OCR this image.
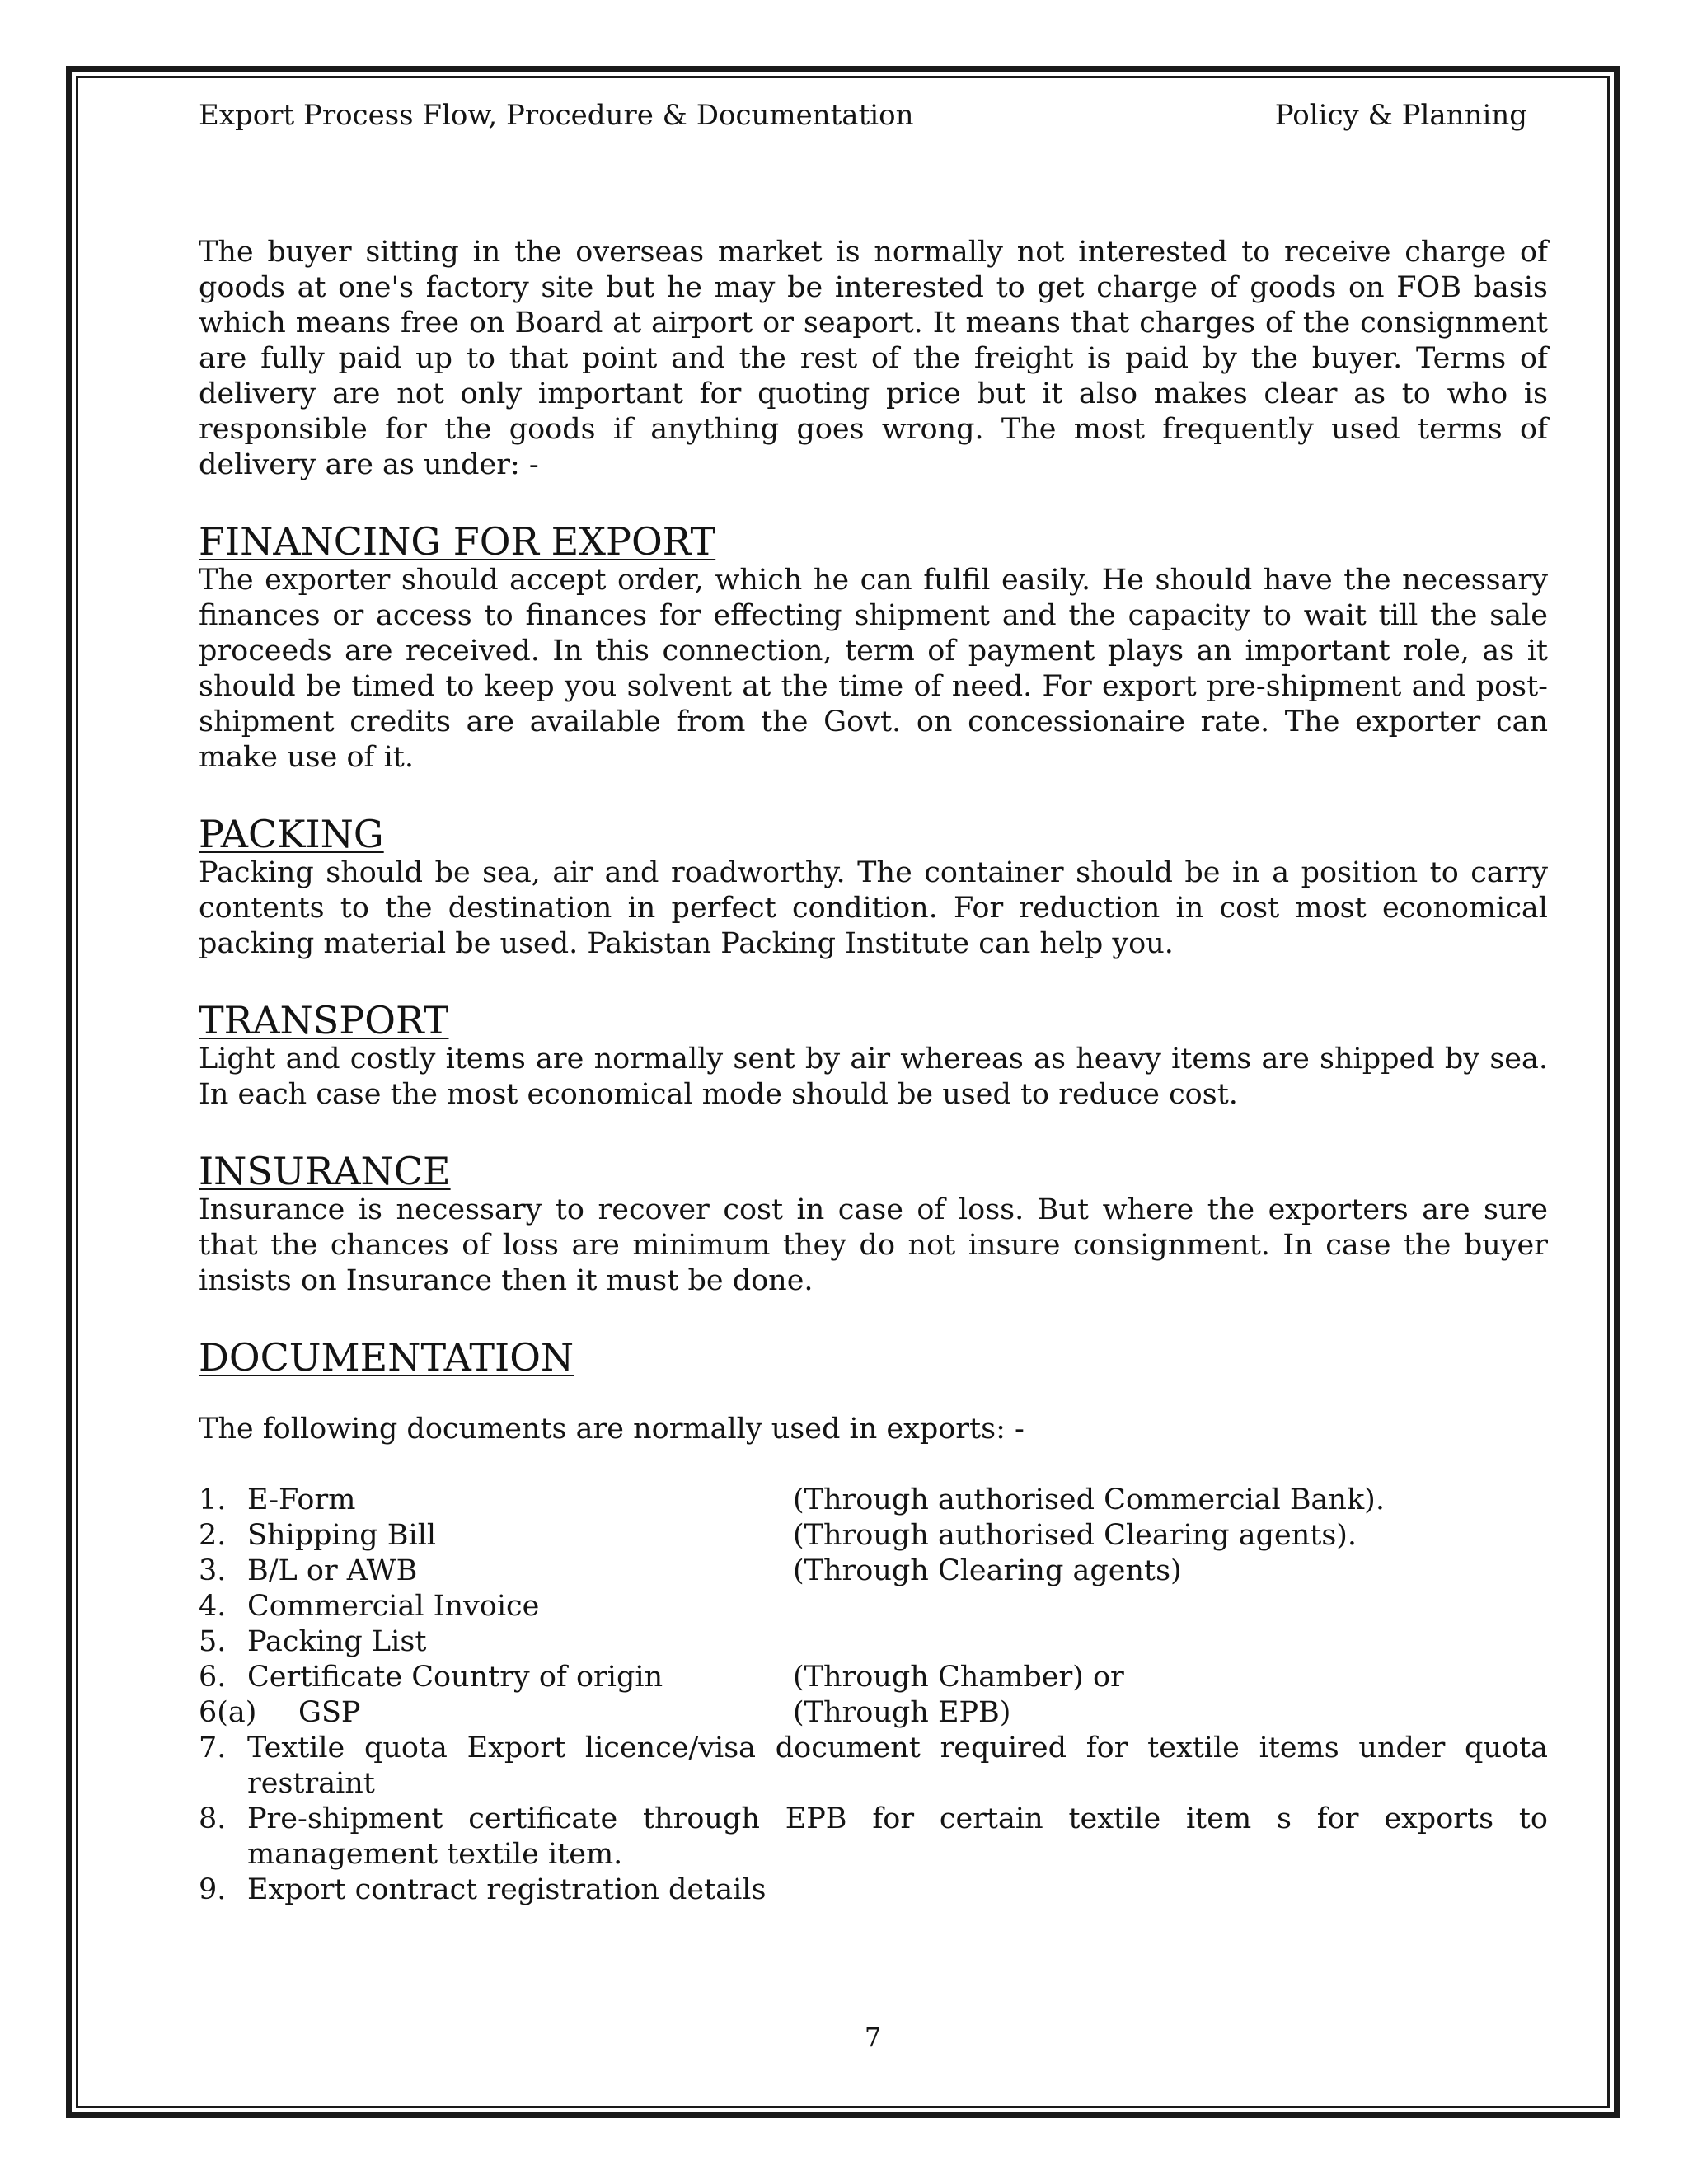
Export Process Flow, Procedure & Documentation	Policy & Planning

The buyer sitting in the overseas market is normally not interested to receive charge of goods at one's factory site but he may be interested to get charge of goods on FOB basis which means free on Board at airport or seaport. It means that charges of the consignment are fully paid up to that point and the rest of the freight is paid by the buyer. Terms of delivery are not only important for quoting price but it also makes clear as to who is responsible for the goods if anything goes wrong. The most frequently used terms of delivery are as under: -

FINANCING FOR EXPORT

The exporter should accept order, which he can fulfil easily. He should have the necessary finances or access to finances for effecting shipment and the capacity to wait till the sale proceeds are received. In this connection, term of payment plays an important role, as it should be timed to keep you solvent at the time of need. For export pre-shipment and post-shipment credits are available from the Govt. on concessionaire rate. The exporter can make use of it.

PACKING

Packing should be sea, air and roadworthy. The container should be in a position to carry contents to the destination in perfect condition. For reduction in cost most economical packing material be used. Pakistan Packing Institute can help you.

TRANSPORT

Light and costly items are normally sent by air whereas as heavy items are shipped by sea. In each case the most economical mode should be used to reduce cost.

INSURANCE

Insurance is necessary to recover cost in case of loss. But where the exporters are sure that the chances of loss are minimum they do not insure consignment. In case the buyer insists on Insurance then it must be done.

DOCUMENTATION

The following documents are normally used in exports: -

1. E-Form	(Through authorised Commercial Bank).
2. Shipping Bill	(Through authorised Clearing agents).
3. B/L or AWB	(Through Clearing agents)
4. Commercial Invoice
5. Packing List
6. Certificate Country of origin	(Through Chamber) or
6(a) GSP	(Through EPB)
7. Textile quota Export licence/visa document required for textile items under quota restraint
8. Pre-shipment certificate through EPB for certain textile item s for exports to management textile item.
9. Export contract registration details
7
